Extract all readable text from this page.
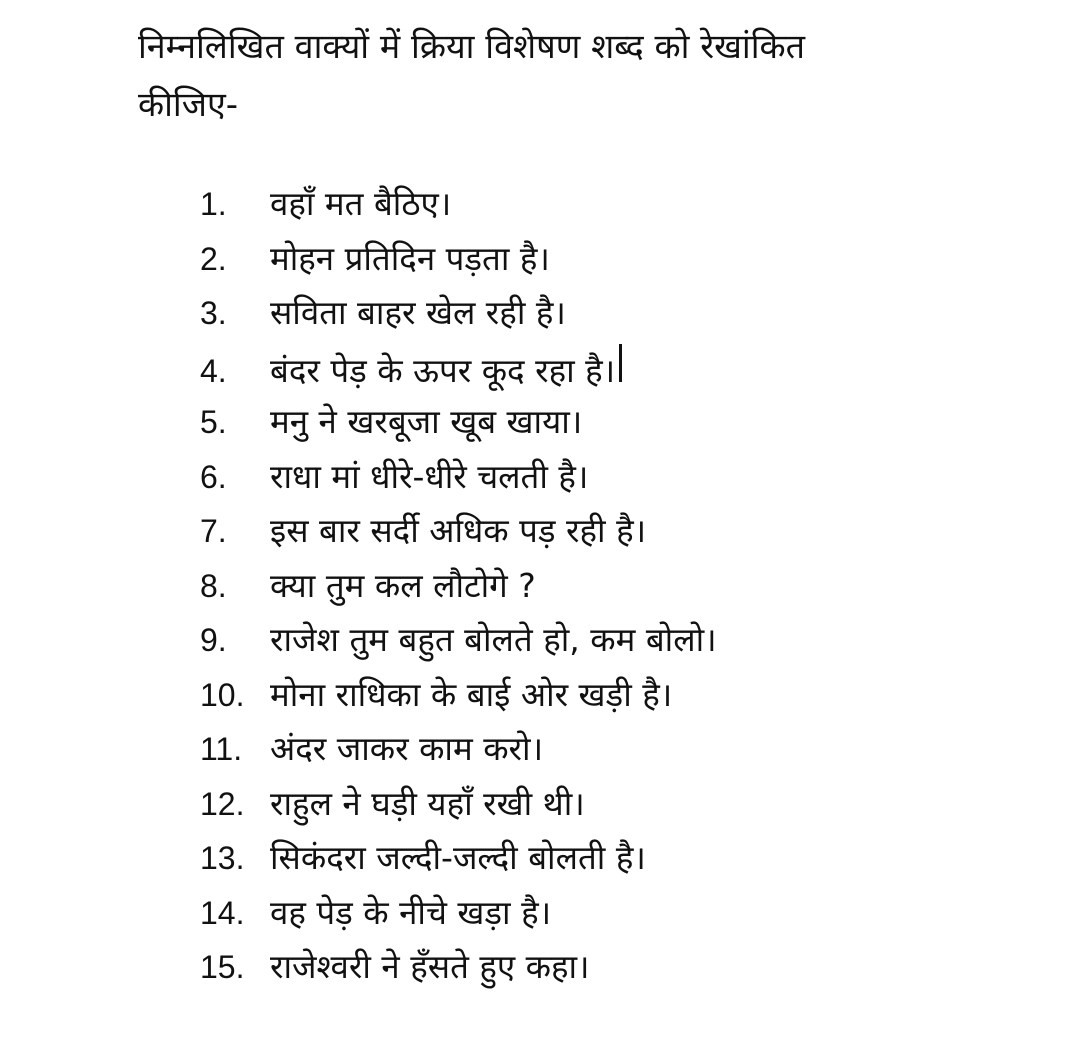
निम्नलिखित वाक्यों में क्रिया विशेषण शब्द को रेखांकित
कीजिए-
1.	वहाँ मत बैठिए।
2.	मोहन प्रतिदिन पड़ता है।
3.	सविता बाहर खेल रही है।
4.	बंदर पेड़ के ऊपर कूद रहा है।
5.	मनु ने खरबूजा खूब खाया।
6.	राधा मां धीरे-धीरे चलती है।
7.	इस बार सर्दी अधिक पड़ रही है।
8.	क्या तुम कल लौटोगे ?
9.	राजेश तुम बहुत बोलते हो, कम बोलो।
10. मोना राधिका के बाई ओर खड़ी है।
11. अंदर जाकर काम करो।
12. राहुल ने घड़ी यहाँ रखी थी।
13. सिकंदरा जल्दी-जल्दी बोलती है।
14. वह पेड़ के नीचे खड़ा है।
15. राजेश्वरी ने हँसते हुए कहा।
